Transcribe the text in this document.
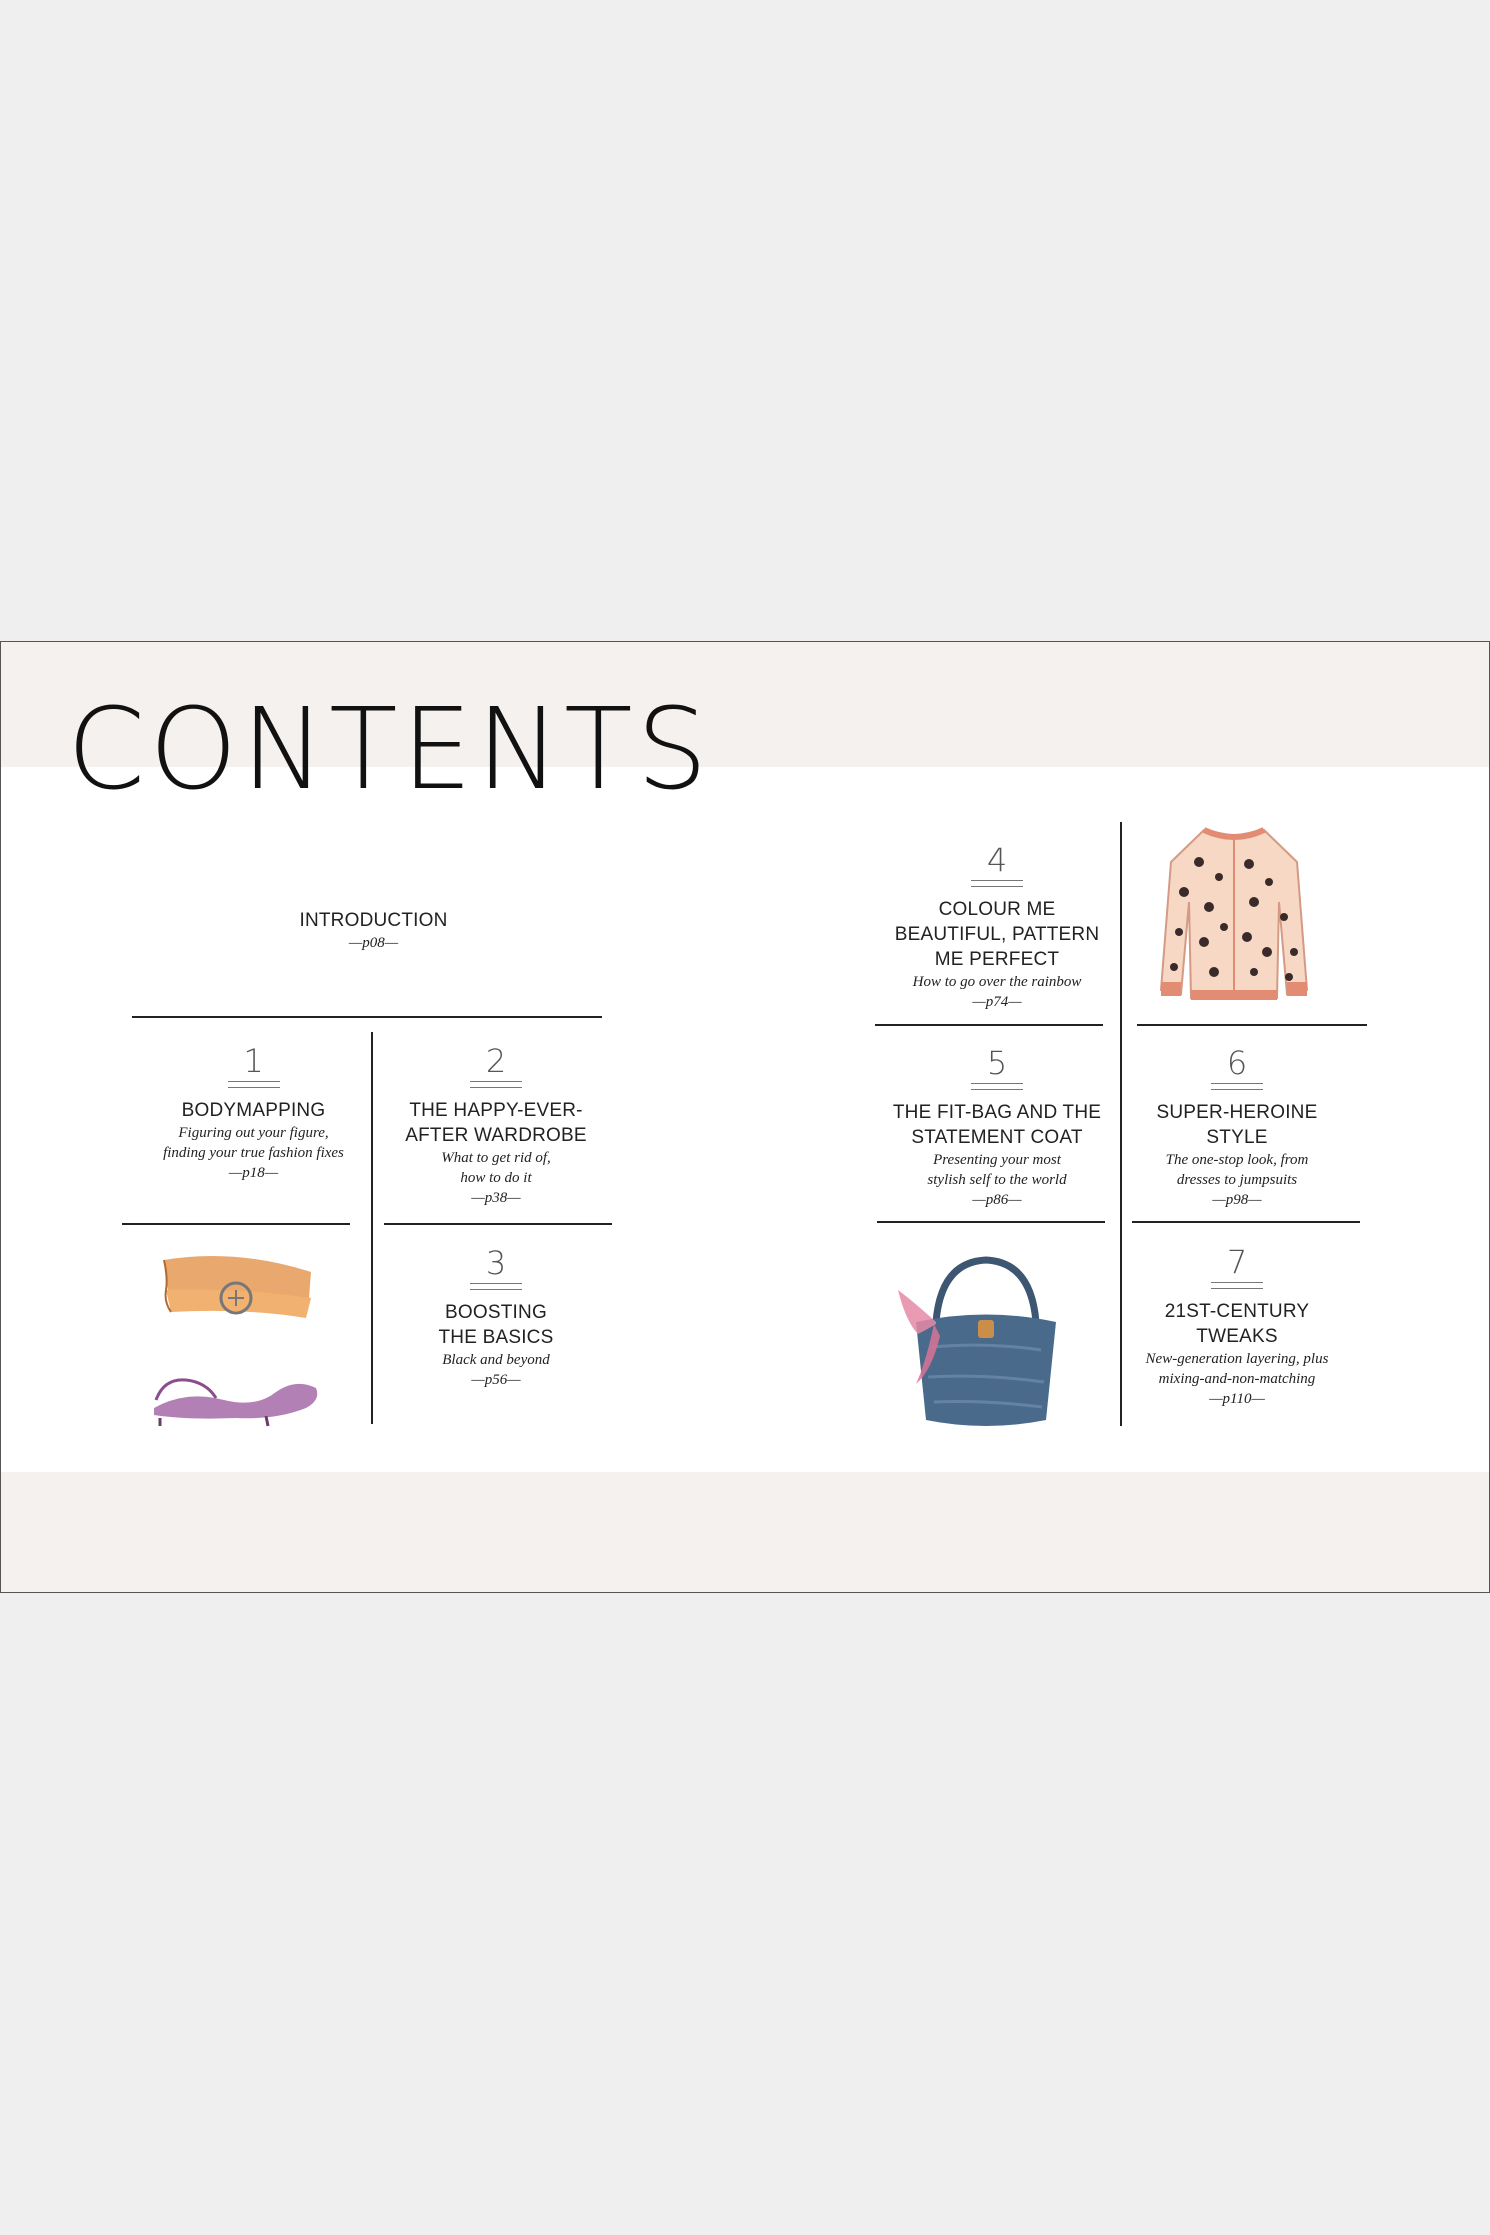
CONTENTS
INTRODUCTION
—p08—
1
BODYMAPPING
Figuring out your figure,
finding your true fashion fixes
—p18—
2
THE HAPPY-EVER-
AFTER WARDROBE
What to get rid of,
how to do it
—p38—
3
BOOSTING
THE BASICS
Black and beyond
—p56—
4
COLOUR ME
BEAUTIFUL, PATTERN
ME PERFECT
How to go over the rainbow
—p74—
5
THE FIT-BAG AND THE
STATEMENT COAT
Presenting your most
stylish self to the world
—p86—
6
SUPER-HEROINE
STYLE
The one-stop look, from
dresses to jumpsuits
—p98—
7
21ST-CENTURY
TWEAKS
New-generation layering, plus
mixing-and-non-matching
—p110—
